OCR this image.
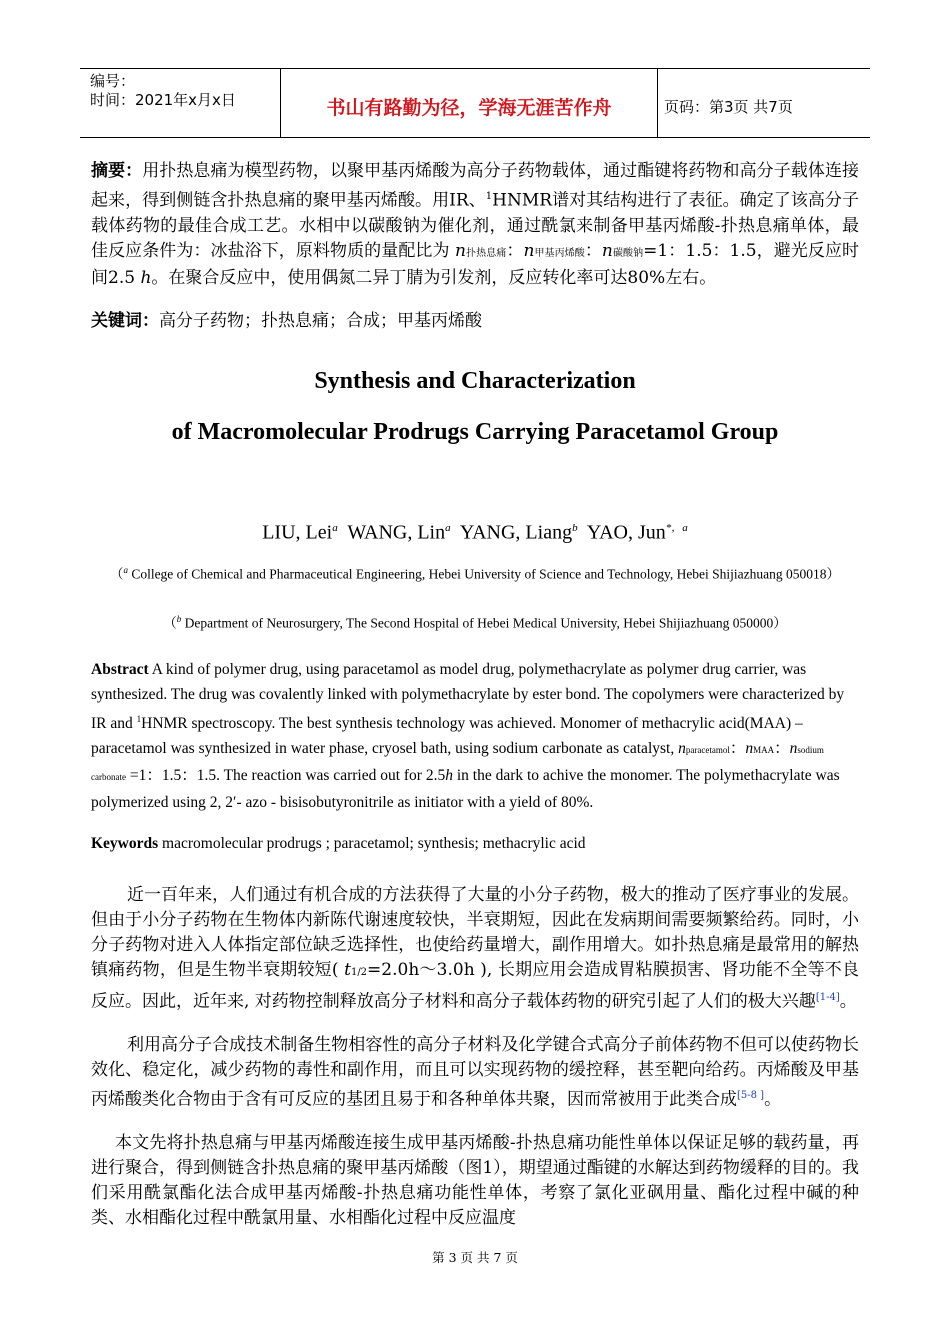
编号：
时间：2021年x月x日	书山有路勤为径，学海无涯苦作舟	页码：第3页 共7页
摘要：用扑热息痛为模型药物，以聚甲基丙烯酸为高分子药物载体，通过酯键将药物和高分子载体连接起来，得到侧链含扑热息痛的聚甲基丙烯酸。用IR、$^1$HNMR谱对其结构进行了表征。确定了该高分子载体药物的最佳合成工艺。水相中以碳酸钠为催化剂，通过酰氯来制备甲基丙烯酸-扑热息痛单体，最佳反应条件为：冰盐浴下，原料物质的量配比为 n扑热息痛：n甲基丙烯酸：n碳酸钠=1：1.5：1.5，避光反应时间2.5 h。在聚合反应中，使用偶氮二异丁腈为引发剂，反应转化率可达80%左右。
关键词：高分子药物；扑热息痛；合成；甲基丙烯酸
Synthesis and Characterization
of Macromolecular Prodrugs Carrying Paracetamol Group
LIU, Lei$^a$ WANG, Lin$^a$ YANG, Liang$^b$ YAO, Jun$^{*,a}$
（$^a$ College of Chemical and Pharmaceutical Engineering, Hebei University of Science and Technology, Hebei Shijiazhuang 050018）
（$^b$ Department of Neurosurgery, The Second Hospital of Hebei Medical University, Hebei Shijiazhuang 050000）
Abstract A kind of polymer drug, using paracetamol as model drug, polymethacrylate as polymer drug carrier, was synthesized. The drug was covalently linked with polymethacrylate by ester bond. The copolymers were characterized by IR and $^1$HNMR spectroscopy. The best synthesis technology was achieved. Monomer of methacrylic acid(MAA) –paracetamol was synthesized in water phase, cryosel bath, using sodium carbonate as catalyst, nparacetamol：nMAA：nsodium carbonate =1：1.5：1.5. The reaction was carried out for 2.5h in the dark to achive the monomer. The polymethacrylate was polymerized using 2, 2′- azo - bisisobutyronitrile as initiator with a yield of 80%.
Keywords macromolecular prodrugs ; paracetamol; synthesis; methacrylic acid
近一百年来，人们通过有机合成的方法获得了大量的小分子药物，极大的推动了医疗事业的发展。但由于小分子药物在生物体内新陈代谢速度较快，半衰期短，因此在发病期间需要频繁给药。同时，小分子药物对进入人体指定部位缺乏选择性，也使给药量增大，副作用增大。如扑热息痛是最常用的解热镇痛药物，但是生物半衰期较短( t1/2=2.0h～3.0h ), 长期应用会造成胃粘膜损害、肾功能不全等不良反应。因此，近年来, 对药物控制释放高分子材料和高分子载体药物的研究引起了人们的极大兴趣[1-4]。
利用高分子合成技术制备生物相容性的高分子材料及化学键合式高分子前体药物不但可以使药物长效化、稳定化，减少药物的毒性和副作用，而且可以实现药物的缓控释，甚至靶向给药。丙烯酸及甲基丙烯酸类化合物由于含有可反应的基团且易于和各种单体共聚，因而常被用于此类合成[5-8 ]。
本文先将扑热息痛与甲基丙烯酸连接生成甲基丙烯酸-扑热息痛功能性单体以保证足够的载药量，再进行聚合，得到侧链含扑热息痛的聚甲基丙烯酸（图1），期望通过酯键的水解达到药物缓释的目的。我们采用酰氯酯化法合成甲基丙烯酸-扑热息痛功能性单体，考察了氯化亚砜用量、酯化过程中碱的种类、水相酯化过程中酰氯用量、水相酯化过程中反应温度
第 3 页 共 7 页
